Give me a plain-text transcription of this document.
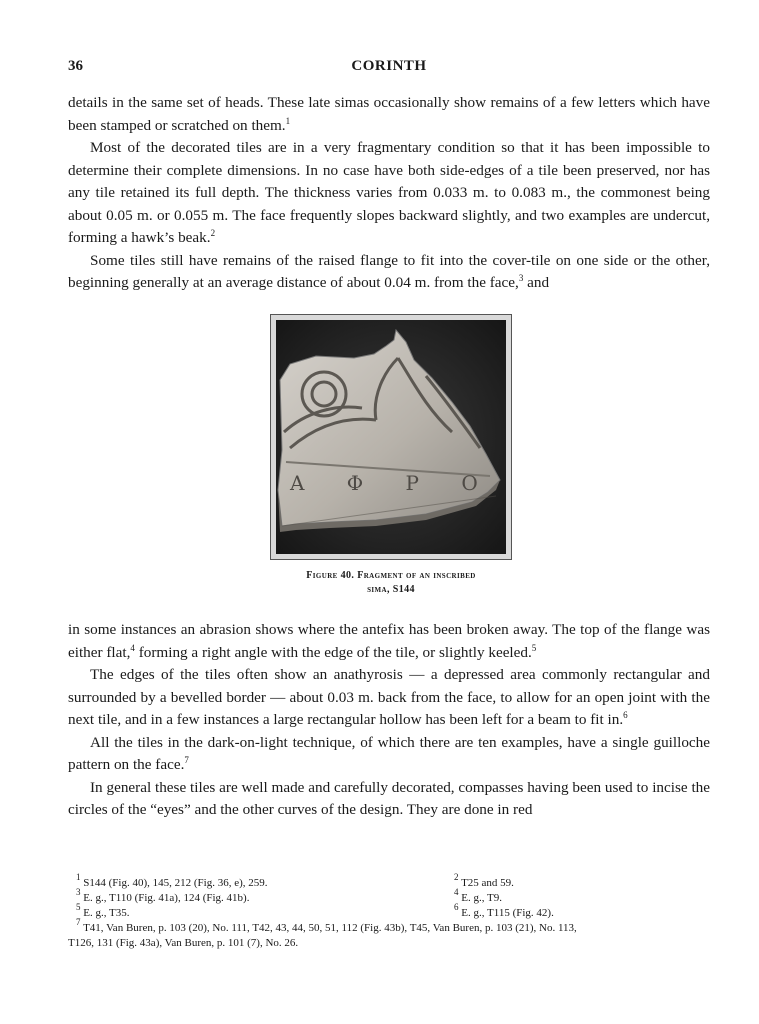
36	CORINTH

details in the same set of heads. These late simas occasionally show remains of a few letters which have been stamped or scratched on them.$^1$

Most of the decorated tiles are in a very fragmentary condition so that it has been impossible to determine their complete dimensions. In no case have both side-edges of a tile been preserved, nor has any tile retained its full depth. The thickness varies from 0.033 m. to 0.083 m., the commonest being about 0.05 m. or 0.055 m. The face frequently slopes backward slightly, and two examples are undercut, forming a hawk’s beak.$^2$

Some tiles still have remains of the raised flange to fit into the cover-tile on one side or the other, beginning generally at an average distance of about 0.04 m. from the face,$^3$ and

Α Φ Ρ Ο
Figure 40. Fragment of an inscribed
sima, S144

in some instances an abrasion shows where the antefix has been broken away. The top of the flange was either flat,$^4$ forming a right angle with the edge of the tile, or slightly keeled.$^5$

The edges of the tiles often show an anathyrosis — a depressed area commonly rectangular and surrounded by a bevelled border — about 0.03 m. back from the face, to allow for an open joint with the next tile, and in a few instances a large rectangular hollow has been left for a beam to fit in.$^6$

All the tiles in the dark-on-light technique, of which there are ten examples, have a single guilloche pattern on the face.$^7$

In general these tiles are well made and carefully decorated, compasses having been used to incise the circles of the “eyes” and the other curves of the design. They are done in red

$^1$ S144 (Fig. 40), 145, 212 (Fig. 36, e), 259.	$^2$ T25 and 59.
$^3$ E. g., T110 (Fig. 41a), 124 (Fig. 41b).	$^4$ E. g., T9.
$^5$ E. g., T35.	$^6$ E. g., T115 (Fig. 42).
$^7$ T41, Van Buren, p. 103 (20), No. 111, T42, 43, 44, 50, 51, 112 (Fig. 43b), T45, Van Buren, p. 103 (21), No. 113,
T126, 131 (Fig. 43a), Van Buren, p. 101 (7), No. 26.
